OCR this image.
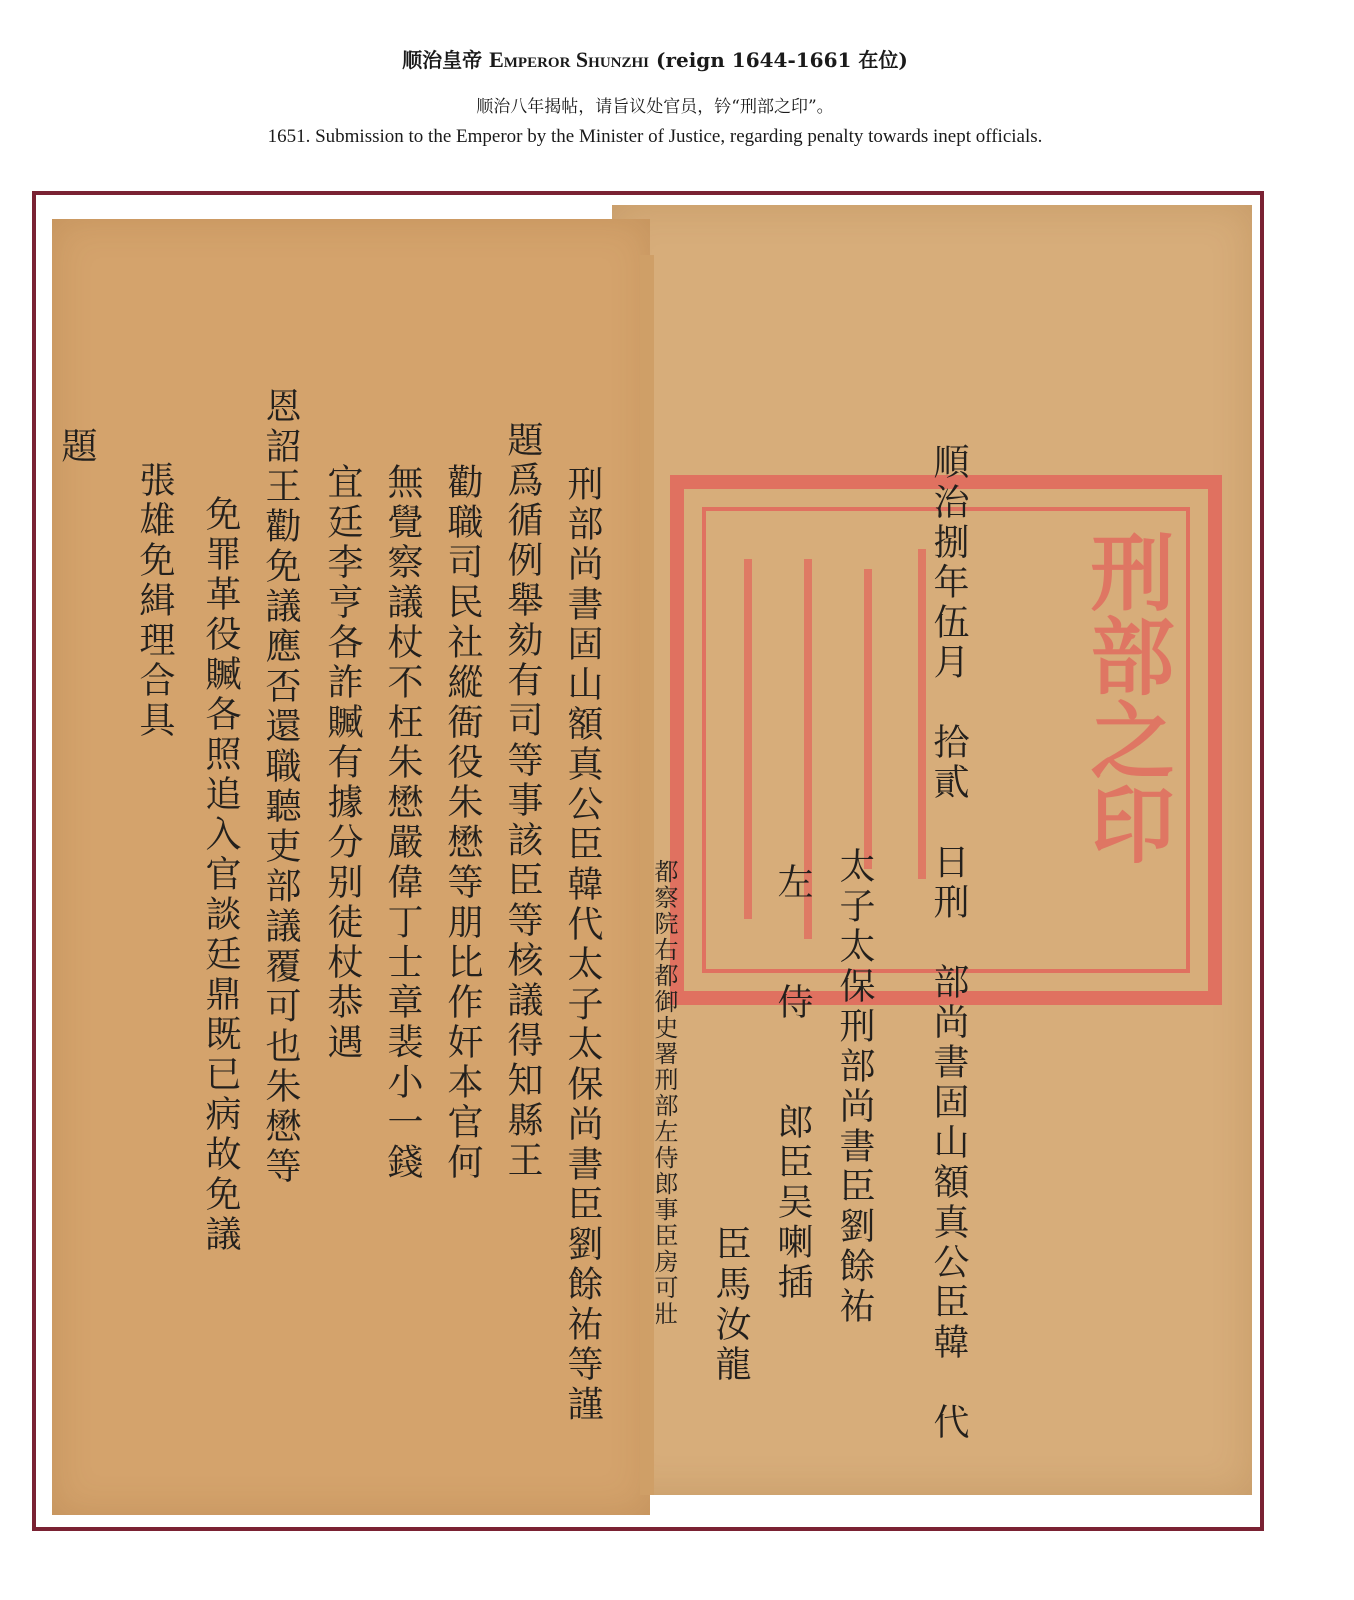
顺治皇帝 Emperor Shunzhi (reign 1644-1661 在位)
顺治八年揭帖，请旨议处官员，钤“刑部之印”。
1651. Submission to the Emperor by the Minister of Justice, regarding penalty towards inept officials.
刑部尚書固山額真公臣韓代太子太保尚書臣劉餘祐等謹
題爲循例舉劾有司等事該臣等核議得知縣王
勸職司民社縱衙役朱懋等朋比作奸本官何
無覺察議杖不枉朱懋嚴偉丁士章裴小一錢
宜廷李亨各詐贓有據分别徒杖恭遇
恩詔王勸免議應否還職聽吏部議覆可也朱懋等
免罪革役贓各照追入官談廷鼎既已病故免議
張雄免緝理合具
題
刑部之印
順治捌年伍月　拾貳　日刑　部尚書固山額真公臣韓　代
太子太保刑部尚書臣劉餘祐
左　　侍　　郎臣吴喇插
臣馬汝龍
都察院右都御史署刑部左侍郎事臣房可壯
